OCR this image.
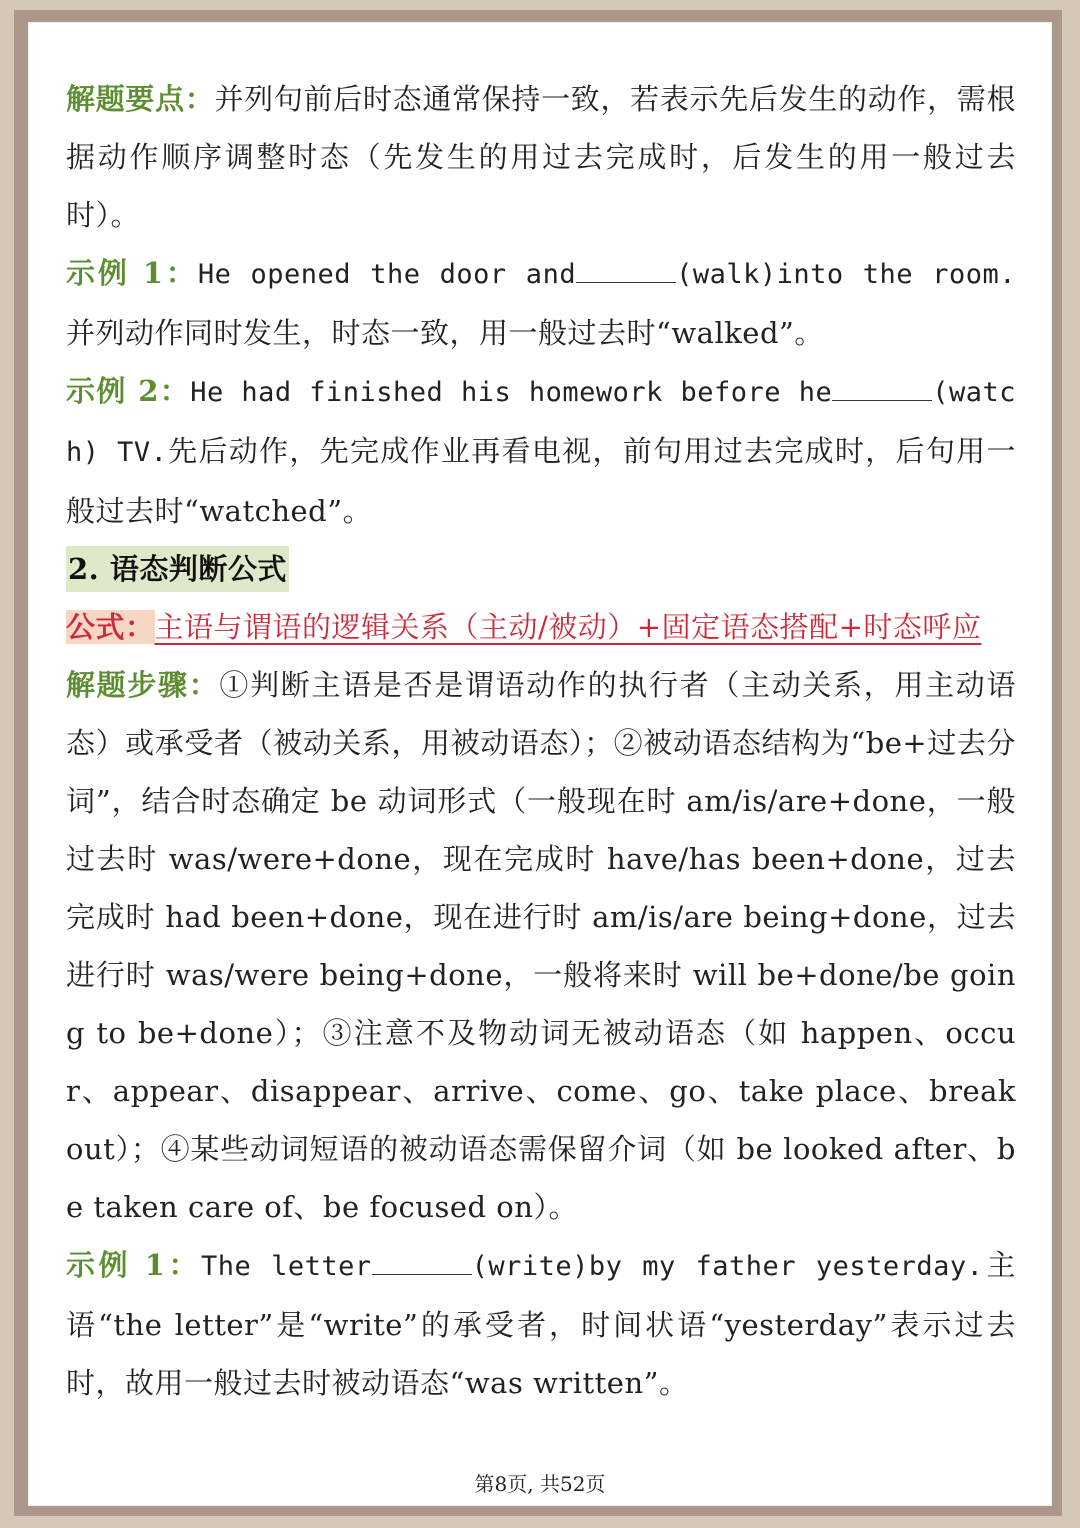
解题要点：并列句前后时态通常保持一致，若表示先后发生的动作，需根据动作顺序调整时态（先发生的用过去完成时，后发生的用一般过去时）。

示例 1：He opened the door and	(walk)into the room.并列动作同时发生，时态一致，用一般过去时“walked”。

示例 2：He had finished his homework before he	(watch) TV.先后动作，先完成作业再看电视，前句用过去完成时，后句用一般过去时“watched”。

2. 语态判断公式

公式：主语与谓语的逻辑关系（主动/被动）+固定语态搭配+时态呼应

解题步骤：①判断主语是否是谓语动作的执行者（主动关系，用主动语态）或承受者（被动关系，用被动语态）；②被动语态结构为“be+过去分词”，结合时态确定 be 动词形式（一般现在时 am/is/are+done，一般过去时 was/were+done，现在完成时 have/has been+done，过去完成时 had been+done，现在进行时 am/is/are being+done，过去进行时 was/were being+done，一般将来时 will be+done/be going to be+done）；③注意不及物动词无被动语态（如 happen、occur、appear、disappear、arrive、come、go、take place、break out）；④某些动词短语的被动语态需保留介词（如 be looked after、be taken care of、be focused on）。

示例 1：The letter	(write)by my father yesterday.主语“the letter”是“write”的承受者，时间状语“yesterday”表示过去时，故用一般过去时被动语态“was written”。

第8页, 共52页
